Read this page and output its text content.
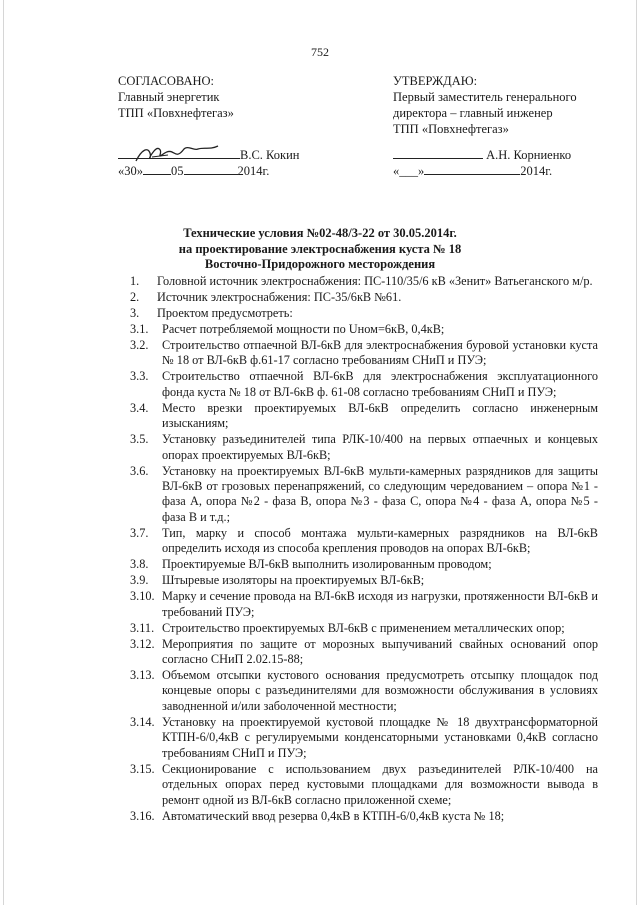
752
СОГЛАСОВАНО:
Главный энергетик
ТПП «Повхнефтегаз»
В.С. Кокин
«30» 05	2014г.
УТВЕРЖДАЮ:
Первый заместитель генерального
директора – главный инженер
ТПП «Повхнефтегаз»
А.Н. Корниенко
«___»	2014г.
Технические условия №02-48/3-22 от 30.05.2014г.
на проектирование электроснабжения куста № 18
Восточно-Придорожного месторождения
1.	Головной источник электроснабжения: ПС-110/35/6 кВ «Зенит» Ватьеганского м/р.
2.	Источник электроснабжения: ПС-35/6кВ №61.
3.	Проектом предусмотреть:
3.1.	Расчет потребляемой мощности по Uном=6кВ, 0,4кВ;
3.2.	Строительство отпаечной ВЛ-6кВ для электроснабжения буровой установки куста № 18 от ВЛ-6кВ ф.61-17 согласно требованиям СНиП и ПУЭ;
3.3.	Строительство отпаечной ВЛ-6кВ для электроснабжения эксплуатационного фонда куста № 18 от ВЛ-6кВ ф. 61-08 согласно требованиям СНиП и ПУЭ;
3.4.	Место врезки проектируемых ВЛ-6кВ определить согласно инженерным изысканиям;
3.5.	Установку разъединителей типа РЛК-10/400 на первых отпаечных и концевых опорах проектируемых ВЛ-6кВ;
3.6.	Установку на проектируемых ВЛ-6кВ мульти-камерных разрядников для защиты ВЛ-6кВ от грозовых перенапряжений, со следующим чередованием – опора №1 - фаза А, опора №2 - фаза В, опора №3 - фаза С, опора №4 - фаза А, опора №5 - фаза В и т.д.;
3.7.	Тип, марку и способ монтажа мульти-камерных разрядников на ВЛ-6кВ определить исходя из способа крепления проводов на опорах ВЛ-6кВ;
3.8.	Проектируемые ВЛ-6кВ выполнить изолированным проводом;
3.9.	Штыревые изоляторы на проектируемых ВЛ-6кВ;
3.10. Марку и сечение провода на ВЛ-6кВ исходя из нагрузки, протяженности ВЛ-6кВ и требований ПУЭ;
3.11. Строительство проектируемых ВЛ-6кВ с применением металлических опор;
3.12. Мероприятия по защите от морозных выпучиваний свайных оснований опор согласно СНиП 2.02.15-88;
3.13. Объемом отсыпки кустового основания предусмотреть отсыпку площадок под концевые опоры с разъединителями для возможности обслуживания в условиях заводненной и/или заболоченной местности;
3.14. Установку на проектируемой кустовой площадке № 18 двухтрансформаторной КТПН-6/0,4кВ с регулируемыми конденсаторными установками 0,4кВ согласно требованиям СНиП и ПУЭ;
3.15. Секционирование с использованием двух разъединителей РЛК-10/400 на отдельных опорах перед кустовыми площадками для возможности вывода в ремонт одной из ВЛ-6кВ согласно приложенной схеме;
3.16. Автоматический ввод резерва 0,4кВ в КТПН-6/0,4кВ куста № 18;
